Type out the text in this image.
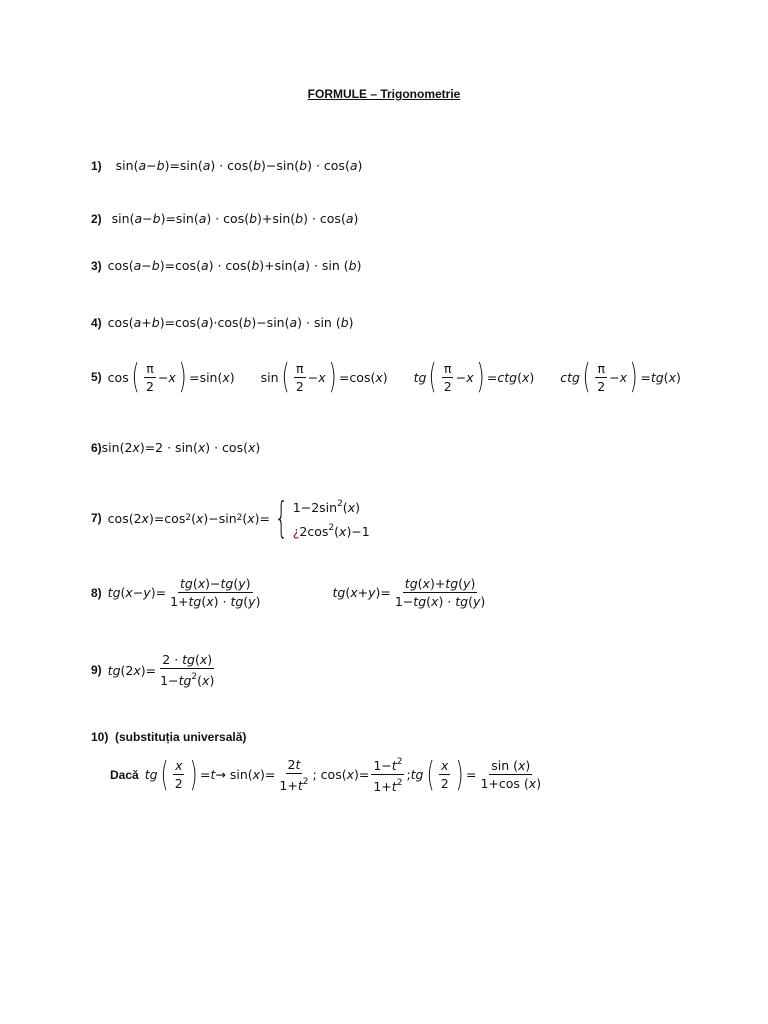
FORMULE – Trigonometrie
1) sin(a−b)=sin(a) · cos(b)−sin(b) · cos(a)
2) sin(a−b)=sin(a) · cos(b)+sin(b) · cos(a)
3) cos(a−b)=cos(a) · cos(b)+sin(a) · sin (b)
4) cos(a+b)=cos(a)·cos(b)−sin(a) · sin (b)
5) cos ( $\frac{\pi}{2} - x$ ) =sin( x )
sin ( $\frac{\pi}{2} - x$ ) =cos( x ) tg ( $\frac{\pi}{2} - x$ ) = ctg ( x ) ctg ( $\frac{\pi}{2} - x$ ) = tg ( x )
6) sin(2x)=2 · sin(x) · cos(x)
7) cos(2 x )=cos 2 ( x )−sin 2 ( x )= { $1-2\sin^2(x)$
¿$2\cos^2(x)-1$
8) tg ( x − y )= $\frac{tg(x)-tg(y)}{1+tg(x) \cdot tg(y)}$	tg ( x + y )= $\frac{tg(x)+tg(y)}{1-tg(x) \cdot tg(y)}$
9) tg (2 x )= $\frac{2 \cdot tg(x)}{1-tg^2(x)}$
10) (substituția universală)
Dacă tg ( $\frac{x}{2}$ ) = t → sin( x )= $\frac{2t}{1+t^2}$ ; cos( x )= $\frac{1-t^2}{1+t^2}$ ; tg ( $\frac{x}{2}$ ) = $\frac{\sin (x)}{1+\cos (x)}$
